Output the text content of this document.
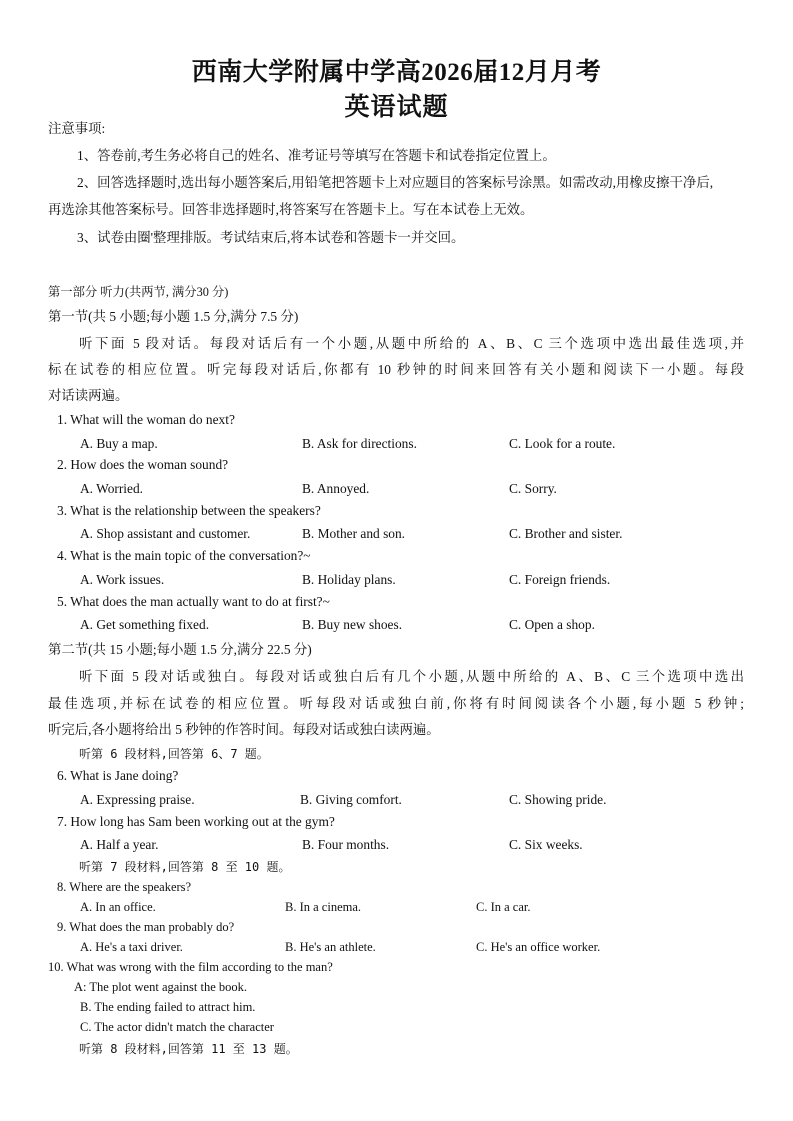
西南大学附属中学高2026届12月月考
英语试题
注意事项:
1、答卷前,考生务必将自己的姓名、准考证号等填写在答题卡和试卷指定位置上。
2、回答选择题时,选出每小题答案后,用铅笔把答题卡上对应题目的答案标号涂黑。如需改动,用橡皮擦干净后,
再选涂其他答案标号。回答非选择题时,将答案写在答题卡上。写在本试卷上无效。
3、试卷由圈'整理排版。考试结束后,将本试卷和答题卡一并交回。
第一部分 听力(共两节, 满分30 分)
第一节(共 5 小题;每小题 1.5 分,满分 7.5 分)
听下面 5 段对话。每段对话后有一个小题,从题中所给的 A、B、C 三个选项中选出最佳选项,并
标在试卷的相应位置。听完每段对话后,你都有 10 秒钟的时间来回答有关小题和阅读下一小题。每段
对话读两遍。
1. What will the woman do next?
A. Buy a map.	B. Ask for directions.	C. Look for a route.
2. How does the woman sound?
A. Worried.	B. Annoyed.	C. Sorry.
3. What is the relationship between the speakers?
A. Shop assistant and customer.	B. Mother and son.	C. Brother and sister.
4. What is the main topic of the conversation?~
A. Work issues.	B. Holiday plans.	C. Foreign friends.
5. What does the man actually want to do at first?~
A. Get something fixed.	B. Buy new shoes.	C. Open a shop.
第二节(共 15 小题;每小题 1.5 分,满分 22.5 分)
听下面 5 段对话或独白。每段对话或独白后有几个小题,从题中所给的 A、B、C 三个选项中选出
最佳选项,并标在试卷的相应位置。听每段对话或独白前,你将有时间阅读各个小题,每小题 5 秒钟;
听完后,各小题将给出 5 秒钟的作答时间。每段对话或独白读两遍。
听第 6 段材料,回答第 6、7 题。
6. What is Jane doing?
A. Expressing praise.	B. Giving comfort.	C. Showing pride.
7. How long has Sam been working out at the gym?
A. Half a year.	B. Four months.	C. Six weeks.
听第 7 段材料,回答第 8 至 10 题。
8. Where are the speakers?
A. In an office.	B. In a cinema.	C. In a car.
9. What does the man probably do?
A. He's a taxi driver.	B. He's an athlete.	C. He's an office worker.
10. What was wrong with the film according to the man?
A: The plot went against the book.
B. The ending failed to attract him.
C. The actor didn't match the character
听第 8 段材料,回答第 11 至 13 题。
